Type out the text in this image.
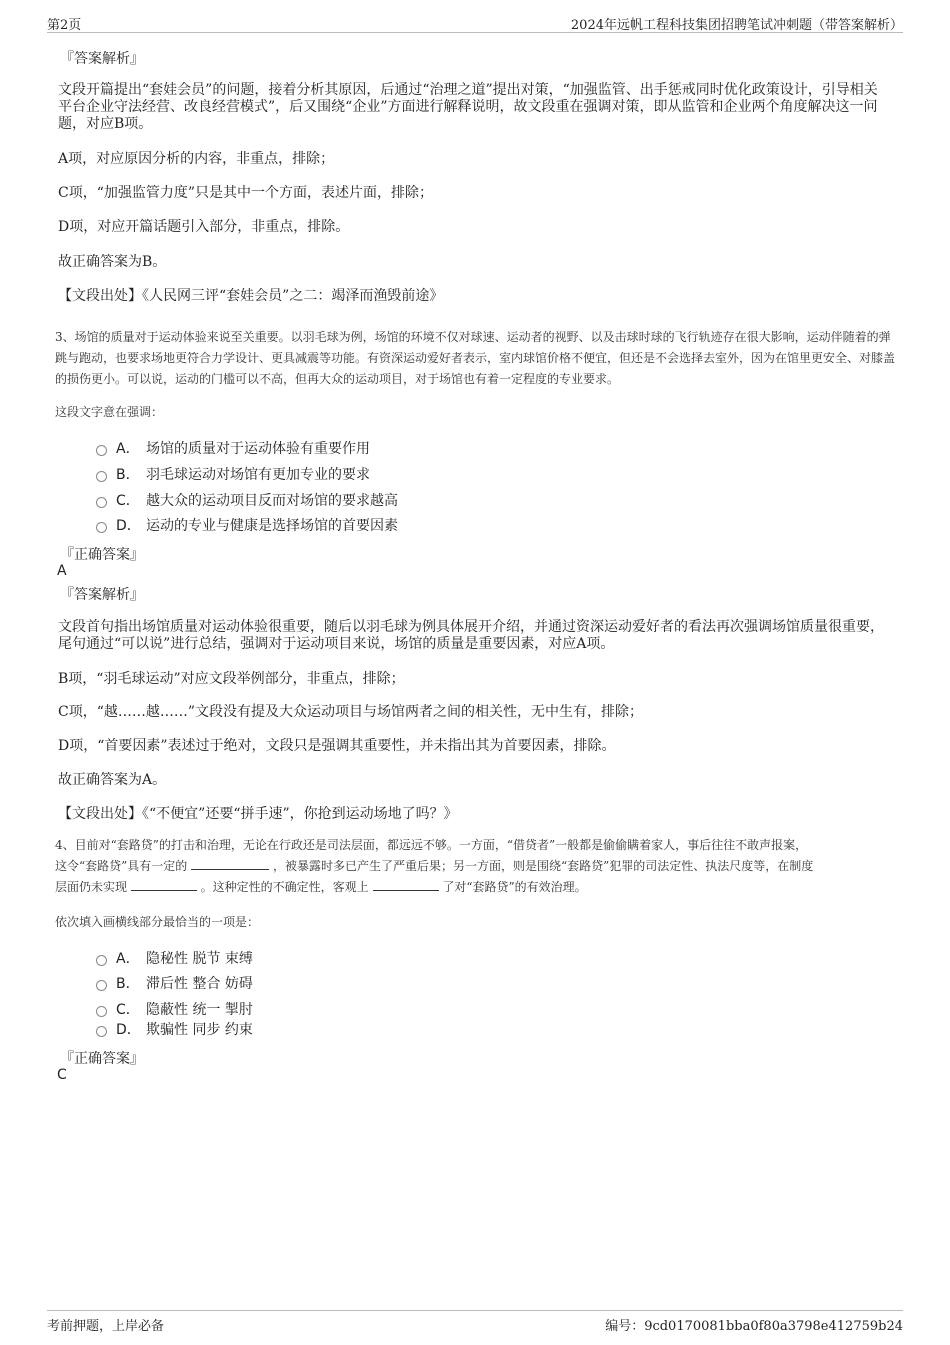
第2页	2024年远帆工程科技集团招聘笔试冲刺题（带答案解析）

『答案解析』

文段开篇提出“套娃会员”的问题，接着分析其原因，后通过“治理之道”提出对策，“加强监管、出手惩戒同时优化政策设计，引导相关平台企业守法经营、改良经营模式”，后又围绕“企业”方面进行解释说明，故文段重在强调对策，即从监管和企业两个角度解决这一问题，对应B项。

A项，对应原因分析的内容，非重点，排除；

C项，“加强监管力度”只是其中一个方面，表述片面，排除；

D项，对应开篇话题引入部分，非重点，排除。

故正确答案为B。

【文段出处】《人民网三评“套娃会员”之二：竭泽而渔毁前途》

3、场馆的质量对于运动体验来说至关重要。以羽毛球为例，场馆的环境不仅对球速、运动者的视野、以及击球时球的飞行轨迹存在很大影响，运动伴随着的弹跳与跑动，也要求场地更符合力学设计、更具减震等功能。有资深运动爱好者表示，室内球馆价格不便宜，但还是不会选择去室外，因为在馆里更安全、对膝盖的损伤更小。可以说，运动的门槛可以不高，但再大众的运动项目，对于场馆也有着一定程度的专业要求。

这段文字意在强调：

A． 场馆的质量对于运动体验有重要作用
B． 羽毛球运动对场馆有更加专业的要求
C． 越大众的运动项目反而对场馆的要求越高
D． 运动的专业与健康是选择场馆的首要因素

『正确答案』

A

『答案解析』

文段首句指出场馆质量对运动体验很重要，随后以羽毛球为例具体展开介绍，并通过资深运动爱好者的看法再次强调场馆质量很重要，尾句通过“可以说”进行总结，强调对于运动项目来说，场馆的质量是重要因素，对应A项。

B项，“羽毛球运动”对应文段举例部分，非重点，排除；

C项，“越……越……”文段没有提及大众运动项目与场馆两者之间的相关性，无中生有，排除；

D项，“首要因素”表述过于绝对，文段只是强调其重要性，并未指出其为首要因素，排除。

故正确答案为A。

【文段出处】《“不便宜”还要“拼手速”，你抢到运动场地了吗？》

4、目前对“套路贷”的打击和治理，无论在行政还是司法层面，都远远不够。一方面，“借贷者”一般都是偷偷瞒着家人，事后往往不敢声报案，
这令“套路贷”具有一定的	，被暴露时多已产生了严重后果；另一方面，则是围绕“套路贷”犯罪的司法定性、执法尺度等，在制度
层面仍未实现	。这种定性的不确定性，客观上	了对“套路贷”的有效治理。

依次填入画横线部分最恰当的一项是：

A． 隐秘性 脱节 束缚
B． 滞后性 整合 妨碍
C． 隐蔽性 统一 掣肘
D． 欺骗性 同步 约束

『正确答案』

C

考前押题，上岸必备	编号：9cd0170081bba0f80a3798e412759b24
